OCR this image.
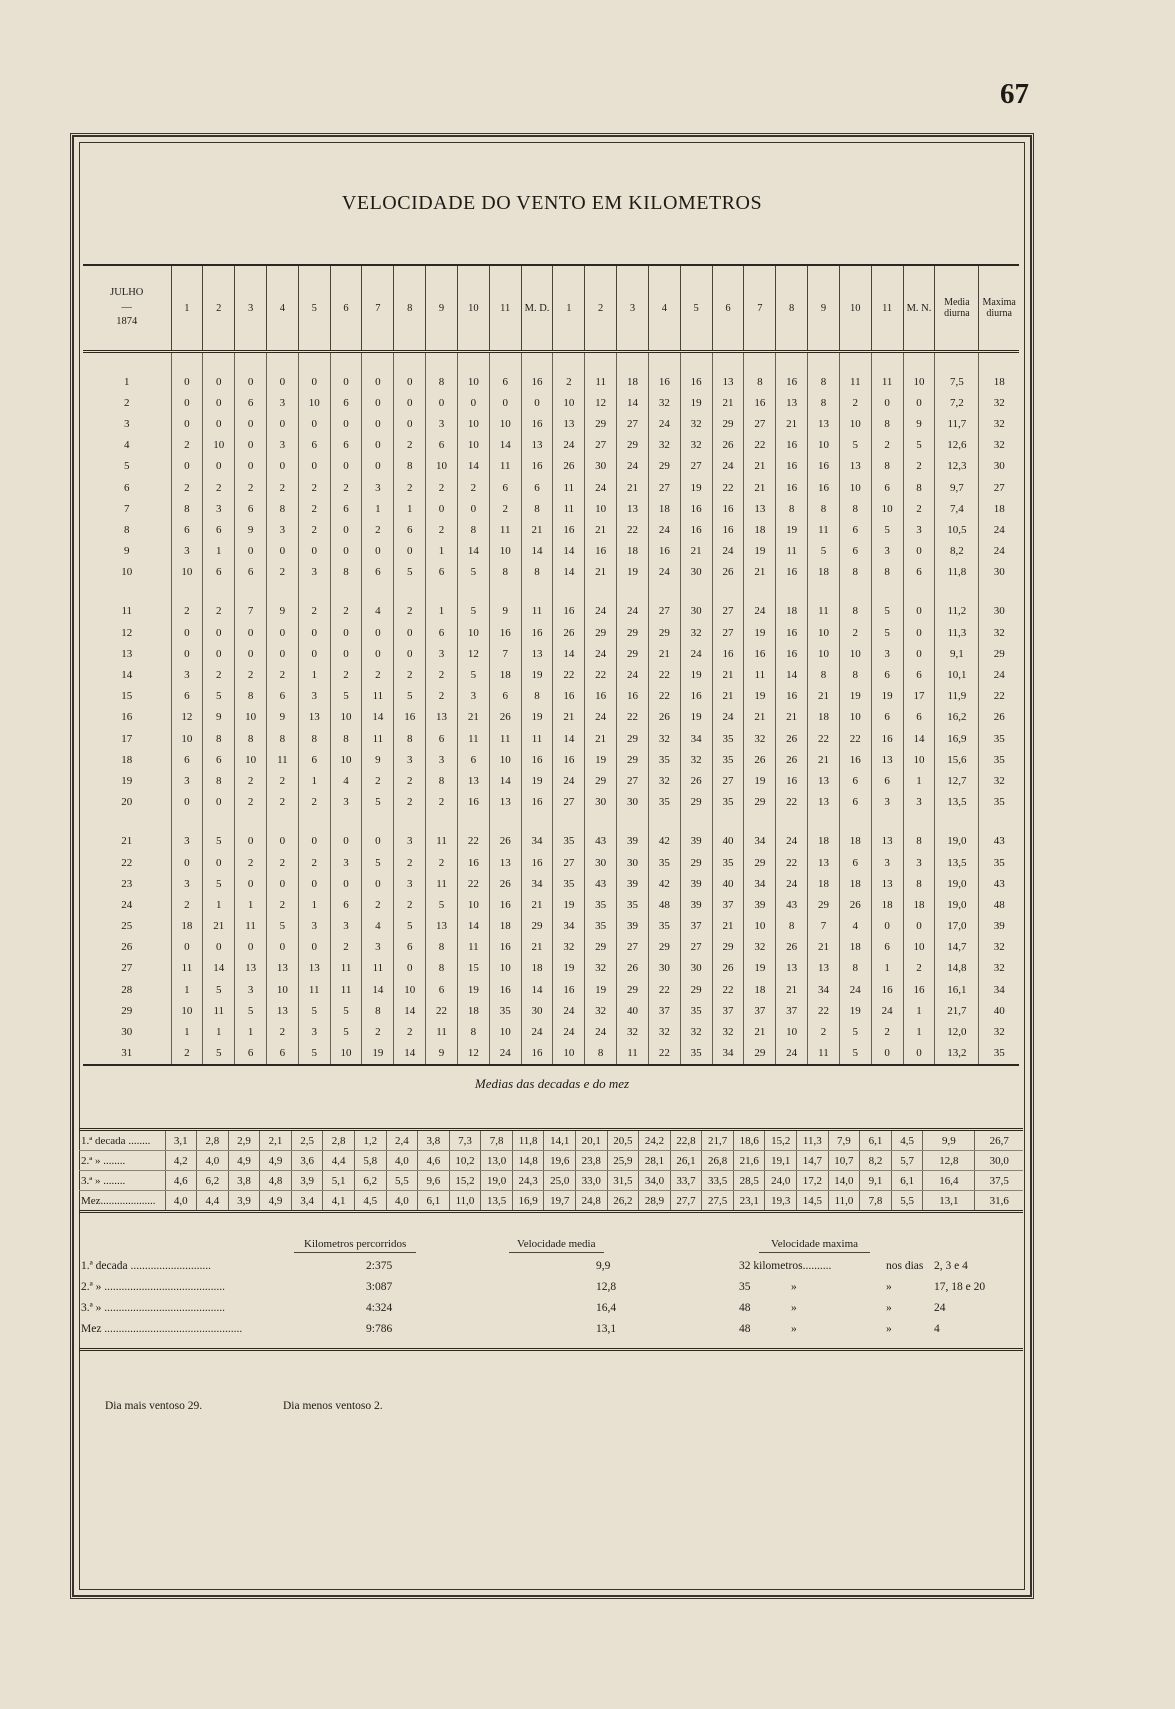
67
VELOCIDADE DO VENTO EM KILOMETROS
JULHO
—
1874	1	2	3	4	5	6	7	8	9	10	11	M. D.	1	2	3	4	5	6	7	8	9	10	11	M. N.	Media diurna	Maxima diurna

1	0	0	0	0	0	0	0	0	8	10	6	16	2	11	18	16	16	13	8	16	8	11	11	10	7,5	18
2	0	0	6	3	10	6	0	0	0	0	0	0	10	12	14	32	19	21	16	13	8	2	0	0	7,2	32
3	0	0	0	0	0	0	0	0	3	10	10	16	13	29	27	24	32	29	27	21	13	10	8	9	11,7	32
4	2	10	0	3	6	6	0	2	6	10	14	13	24	27	29	32	32	26	22	16	10	5	2	5	12,6	32
5	0	0	0	0	0	0	0	8	10	14	11	16	26	30	24	29	27	24	21	16	16	13	8	2	12,3	30
6	2	2	2	2	2	2	3	2	2	2	6	6	11	24	21	27	19	22	21	16	16	10	6	8	9,7	27
7	8	3	6	8	2	6	1	1	0	0	2	8	11	10	13	18	16	16	13	8	8	8	10	2	7,4	18
8	6	6	9	3	2	0	2	6	2	8	11	21	16	21	22	24	16	16	18	19	11	6	5	3	10,5	24
9	3	1	0	0	0	0	0	0	1	14	10	14	14	16	18	16	21	24	19	11	5	6	3	0	8,2	24
10	10	6	6	2	3	8	6	5	6	5	8	8	14	21	19	24	30	26	21	16	18	8	8	6	11,8	30

11	2	2	7	9	2	2	4	2	1	5	9	11	16	24	24	27	30	27	24	18	11	8	5	0	11,2	30
12	0	0	0	0	0	0	0	0	6	10	16	16	26	29	29	29	32	27	19	16	10	2	5	0	11,3	32
13	0	0	0	0	0	0	0	0	3	12	7	13	14	24	29	21	24	16	16	16	10	10	3	0	9,1	29
14	3	2	2	2	1	2	2	2	2	5	18	19	22	22	24	22	19	21	11	14	8	8	6	6	10,1	24
15	6	5	8	6	3	5	11	5	2	3	6	8	16	16	16	22	16	21	19	16	21	19	19	17	11,9	22
16	12	9	10	9	13	10	14	16	13	21	26	19	21	24	22	26	19	24	21	21	18	10	6	6	16,2	26
17	10	8	8	8	8	8	11	8	6	11	11	11	14	21	29	32	34	35	32	26	22	22	16	14	16,9	35
18	6	6	10	11	6	10	9	3	3	6	10	16	16	19	29	35	32	35	26	26	21	16	13	10	15,6	35
19	3	8	2	2	1	4	2	2	8	13	14	19	24	29	27	32	26	27	19	16	13	6	6	1	12,7	32
20	0	0	2	2	2	3	5	2	2	16	13	16	27	30	30	35	29	35	29	22	13	6	3	3	13,5	35

21	3	5	0	0	0	0	0	3	11	22	26	34	35	43	39	42	39	40	34	24	18	18	13	8	19,0	43
22	0	0	2	2	2	3	5	2	2	16	13	16	27	30	30	35	29	35	29	22	13	6	3	3	13,5	35
23	3	5	0	0	0	0	0	3	11	22	26	34	35	43	39	42	39	40	34	24	18	18	13	8	19,0	43
24	2	1	1	2	1	6	2	2	5	10	16	21	19	35	35	48	39	37	39	43	29	26	18	18	19,0	48
25	18	21	11	5	3	3	4	5	13	14	18	29	34	35	39	35	37	21	10	8	7	4	0	0	17,0	39
26	0	0	0	0	0	2	3	6	8	11	16	21	32	29	27	29	27	29	32	26	21	18	6	10	14,7	32
27	11	14	13	13	13	11	11	0	8	15	10	18	19	32	26	30	30	26	19	13	13	8	1	2	14,8	32
28	1	5	3	10	11	11	14	10	6	19	16	14	16	19	29	22	29	22	18	21	34	24	16	16	16,1	34
29	10	11	5	13	5	5	8	14	22	18	35	30	24	32	40	37	35	37	37	37	22	19	24	1	21,7	40
30	1	1	1	2	3	5	2	2	11	8	10	24	24	24	32	32	32	32	21	10	2	5	2	1	12,0	32
31	2	5	6	6	5	10	19	14	9	12	24	16	10	8	11	22	35	34	29	24	11	5	0	0	13,2	35
Medias das decadas e do mez
1.ª decada ........	3,1	2,8	2,9	2,1	2,5	2,8	1,2	2,4	3,8	7,3	7,8	11,8	14,1	20,1	20,5	24,2	22,8	21,7	18,6	15,2	11,3	7,9	6,1	4,5	9,9	26,7
2.ª » ........	4,2	4,0	4,9	4,9	3,6	4,4	5,8	4,0	4,6	10,2	13,0	14,8	19,6	23,8	25,9	28,1	26,1	26,8	21,6	19,1	14,7	10,7	8,2	5,7	12,8	30,0
3.ª » ........	4,6	6,2	3,8	4,8	3,9	5,1	6,2	5,5	9,6	15,2	19,0	24,3	25,0	33,0	31,5	34,0	33,7	33,5	28,5	24,0	17,2	14,0	9,1	6,1	16,4	37,5
Mez....................	4,0	4,4	3,9	4,9	3,4	4,1	4,5	4,0	6,1	11,0	13,5	16,9	19,7	24,8	26,2	28,9	27,7	27,5	23,1	19,3	14,5	11,0	7,8	5,5	13,1	31,6
Kilometros percorridos	Velocidade media	Velocidade maxima
1.ª decada ............................	2:375	9,9	32 kilometros..........	nos dias 2, 3 e 4
2.ª » ..........................................	3:087	12,8	35	»	»	17, 18 e 20
3.ª » ..........................................	4:324	16,4	48	»	»	24
Mez ................................................	9:786	13,1	48	»	»	4
Dia mais ventoso 29.	Dia menos ventoso 2.
